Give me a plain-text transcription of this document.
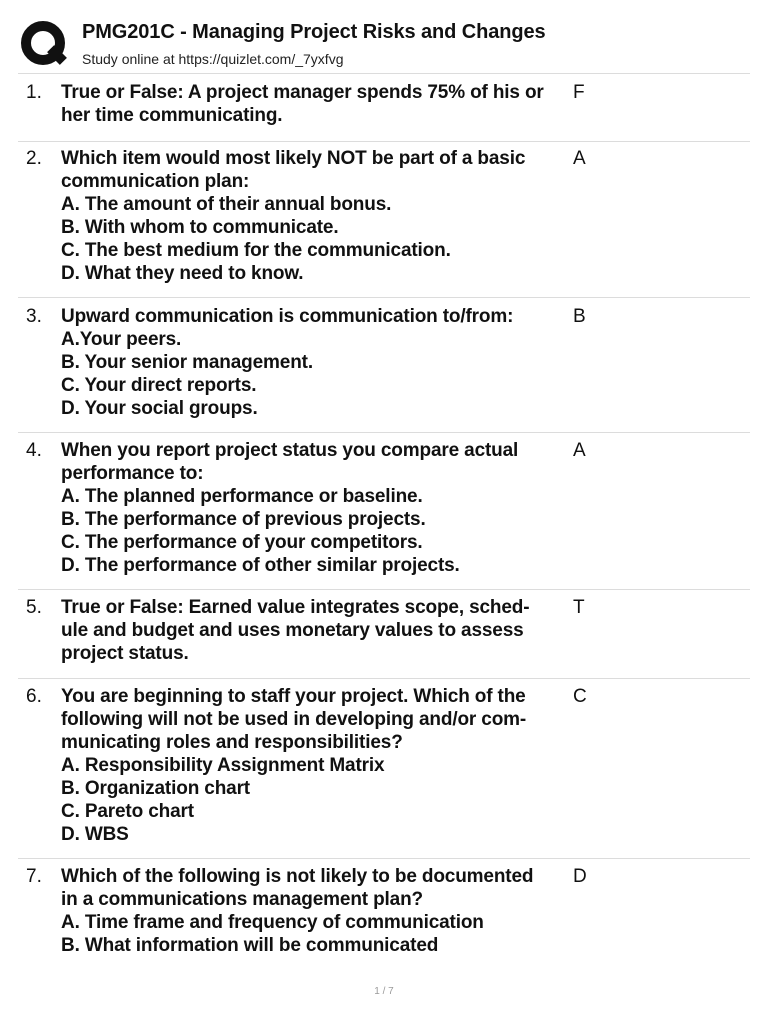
PMG201C - Managing Project Risks and Changes
Study online at https://quizlet.com/_7yxfvg
1. True or False: A project manager spends 75% of his or
her time communicating.
F
2. Which item would most likely NOT be part of a basic
communication plan:
A. The amount of their annual bonus.
B. With whom to communicate.
C. The best medium for the communication.
D. What they need to know.
A
3. Upward communication is communication to/from:
A.Your peers.
B. Your senior management.
C. Your direct reports.
D. Your social groups.
B
4. When you report project status you compare actual
performance to:
A. The planned performance or baseline.
B. The performance of previous projects.
C. The performance of your competitors.
D. The performance of other similar projects.
A
5. True or False: Earned value integrates scope, sched-
ule and budget and uses monetary values to assess
project status.
T
6. You are beginning to staff your project. Which of the
following will not be used in developing and/or com-
municating roles and responsibilities?
A. Responsibility Assignment Matrix
B. Organization chart
C. Pareto chart
D. WBS
C
7. Which of the following is not likely to be documented
in a communications management plan?
A. Time frame and frequency of communication
B. What information will be communicated
D
1 / 7
